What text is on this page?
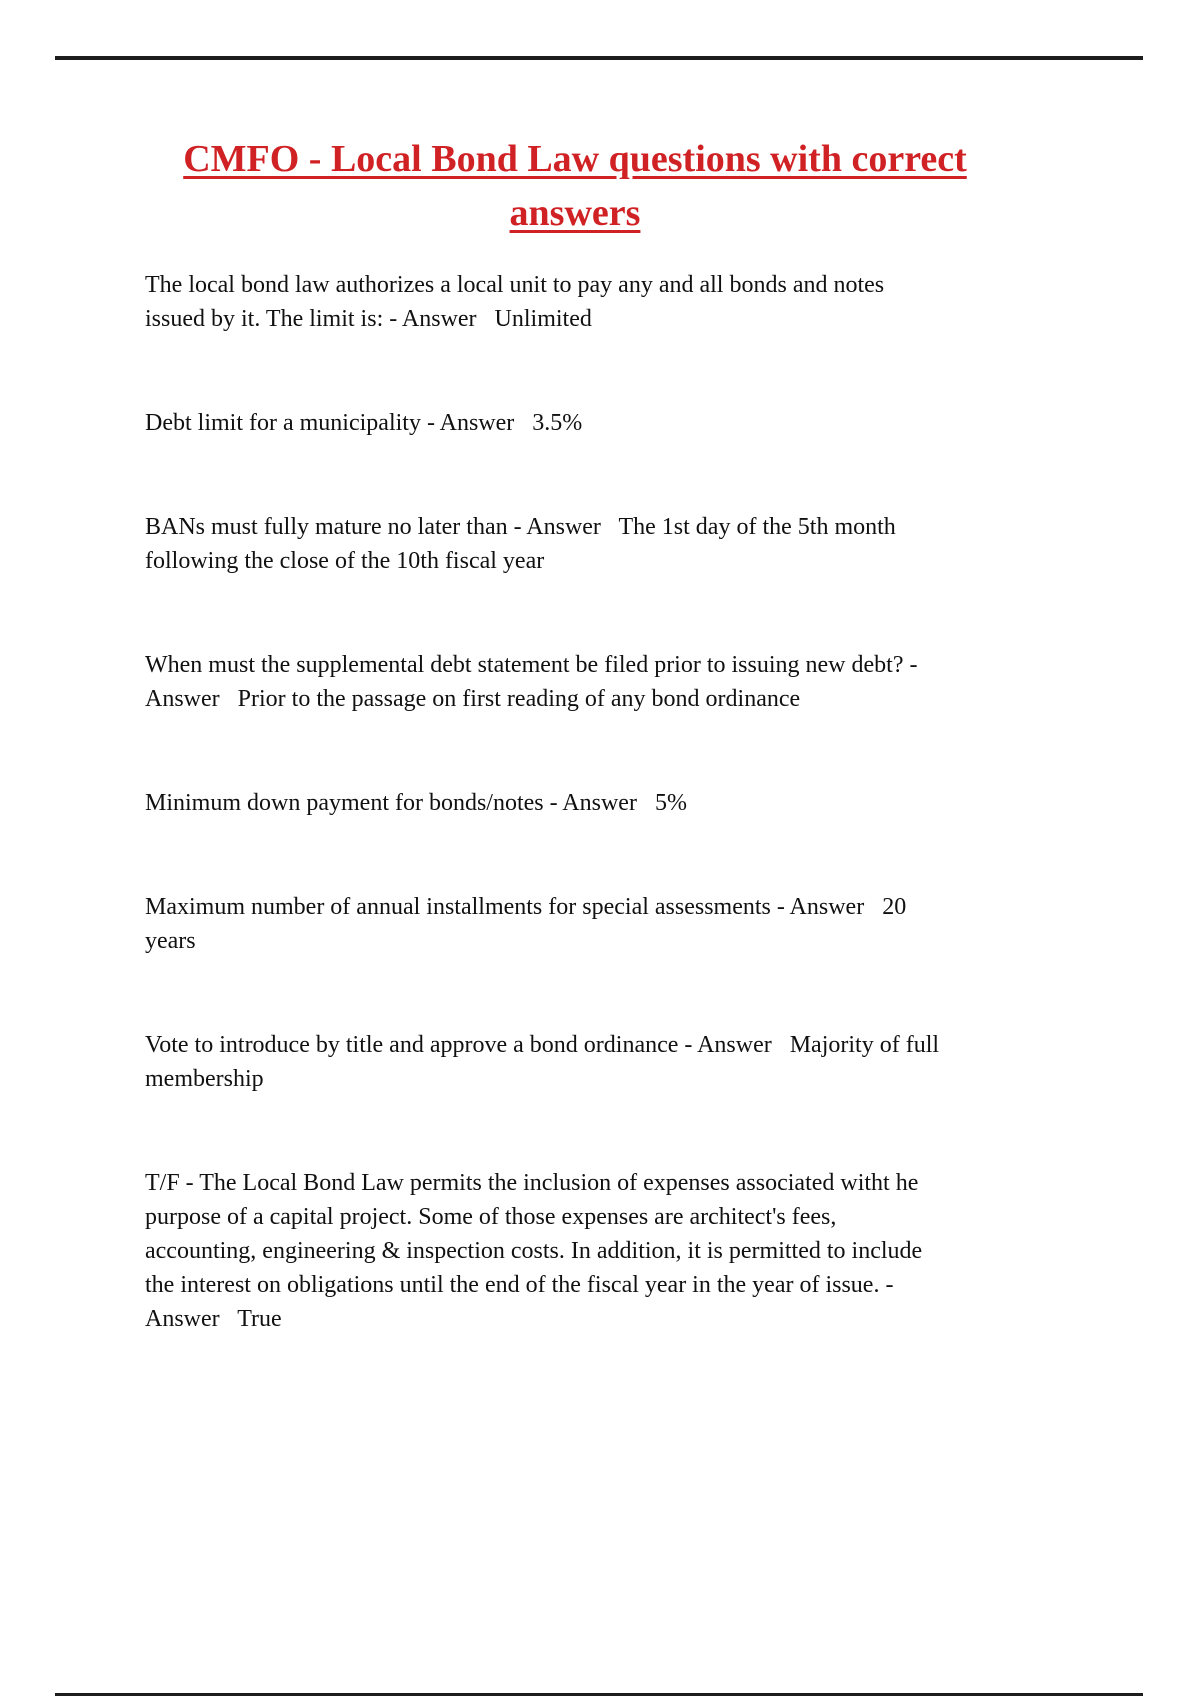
CMFO - Local Bond Law questions with correct
answers
The local bond law authorizes a local unit to pay any and all bonds and notes
issued by it. The limit is: - Answer   Unlimited
Debt limit for a municipality - Answer   3.5%
BANs must fully mature no later than - Answer   The 1st day of the 5th month
following the close of the 10th fiscal year
When must the supplemental debt statement be filed prior to issuing new debt? -
Answer   Prior to the passage on first reading of any bond ordinance
Minimum down payment for bonds/notes - Answer   5%
Maximum number of annual installments for special assessments - Answer   20
years
Vote to introduce by title and approve a bond ordinance - Answer   Majority of full
membership
T/F - The Local Bond Law permits the inclusion of expenses associated witht he
purpose of a capital project. Some of those expenses are architect's fees,
accounting, engineering & inspection costs. In addition, it is permitted to include
the interest on obligations until the end of the fiscal year in the year of issue. -
Answer   True
